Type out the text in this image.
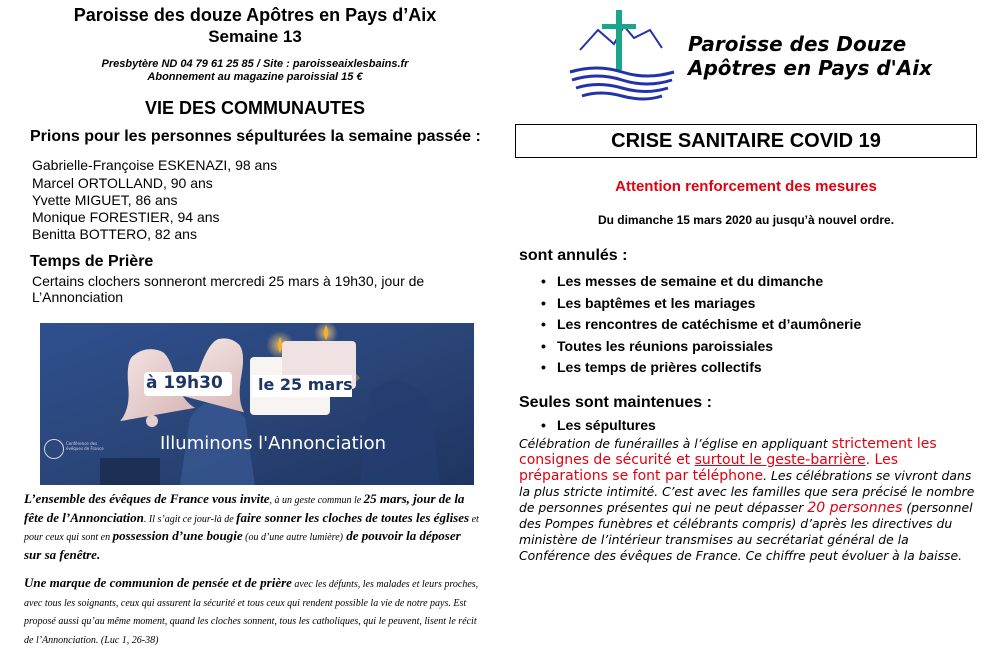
Paroisse des douze Apôtres en Pays d’Aix
Semaine 13
Presbytère ND 04 79 61 25 85 / Site : paroisseaixlesbains.fr
Abonnement au magazine paroissial 15 €
VIE DES COMMUNAUTES
Prions pour les personnes sépulturées la semaine passée :
Gabrielle-Françoise ESKENAZI, 98 ans
Marcel ORTOLLAND, 90 ans
Yvette MIGUET, 86 ans
Monique FORESTIER, 94 ans
Benitta BOTTERO, 82 ans
Temps de Prière
Certains clochers sonneront mercredi 25 mars à 19h30, jour de L’Annonciation
à 19h30 le 25 mars
Illuminons l'Annonciation
Conférence des évêques de France
L’ensemble des évêques de France vous invite, à un geste commun le 25 mars, jour de la fête de l’Annonciation. Il s’agit ce jour-là de faire sonner les cloches de toutes les églises et pour ceux qui sont en possession d’une bougie (ou d’une autre lumière) de pouvoir la déposer sur sa fenêtre.
Une marque de communion de pensée et de prière avec les défunts, les malades et leurs proches, avec tous les soignants, ceux qui assurent la sécurité et tous ceux qui rendent possible la vie de notre pays. Est proposé aussi qu’au même moment, quand les cloches sonnent, tous les catholiques, qui le peuvent, lisent le récit de l’Annonciation. (Luc 1, 26-38)
Paroisse des Douze
Apôtres en Pays d'Aix
CRISE SANITAIRE COVID 19
Attention renforcement des mesures
Du dimanche 15 mars 2020 au jusqu’à nouvel ordre.
sont annulés :
• Les messes de semaine et du dimanche
• Les baptêmes et les mariages
• Les rencontres de catéchisme et d’aumônerie
• Toutes les réunions paroissiales
• Les temps de prières collectifs
Seules sont maintenues :
• Les sépultures
Célébration de funérailles à l’église en appliquant strictement les consignes de sécurité et surtout le geste-barrière. Les préparations se font par téléphone. Les célébrations se vivront dans la plus stricte intimité. C’est avec les familles que sera précisé le nombre de personnes présentes qui ne peut dépasser 20 personnes (personnel des Pompes funèbres et célébrants compris) d’après les directives du ministère de l’intérieur transmises au secrétariat général de la Conférence des évêques de France. Ce chiffre peut évoluer à la baisse.
